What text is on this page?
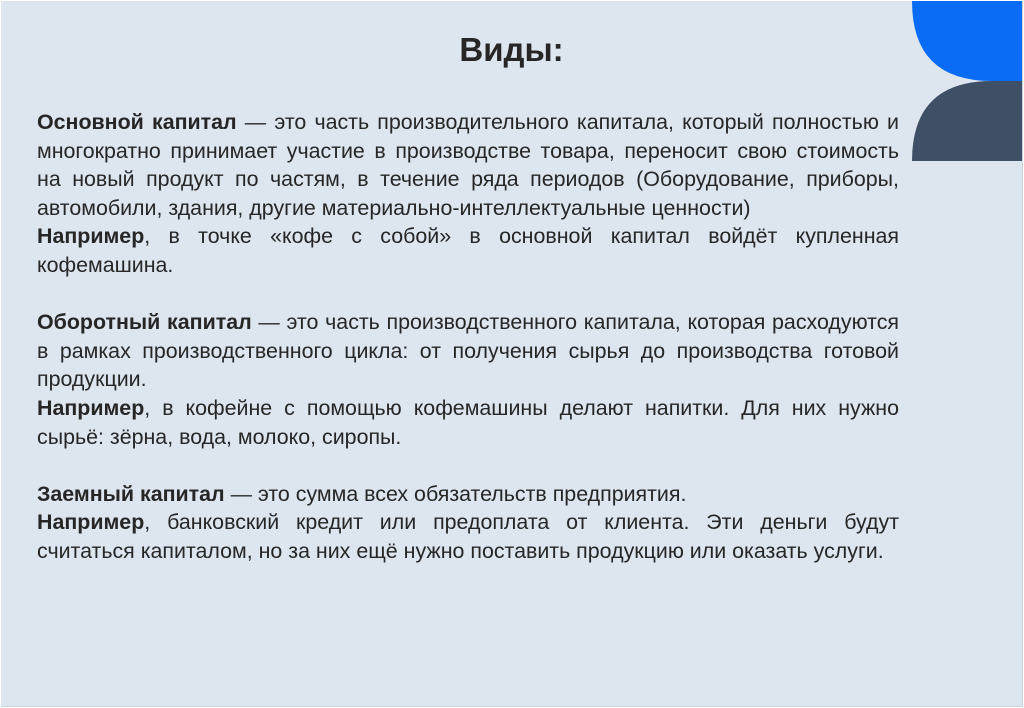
Виды:

Основной капитал — это часть производительного капитала, который полностью и многократно принимает участие в производстве товара, переносит свою стоимость на новый продукт по частям, в течение ряда периодов (Оборудование, приборы, автомобили, здания, другие материально-интеллектуальные ценности)

Например, в точке «кофе с собой» в основной капитал войдёт купленная кофемашина.

Оборотный капитал — это часть производственного капитала, которая расходуются в рамках производственного цикла: от получения сырья до производства готовой продукции.

Например, в кофейне с помощью кофемашины делают напитки. Для них нужно сырьё: зёрна, вода, молоко, сиропы.

Заемный капитал — это сумма всех обязательств предприятия.

Например, банковский кредит или предоплата от клиента. Эти деньги будут считаться капиталом, но за них ещё нужно поставить продукцию или оказать услуги.
